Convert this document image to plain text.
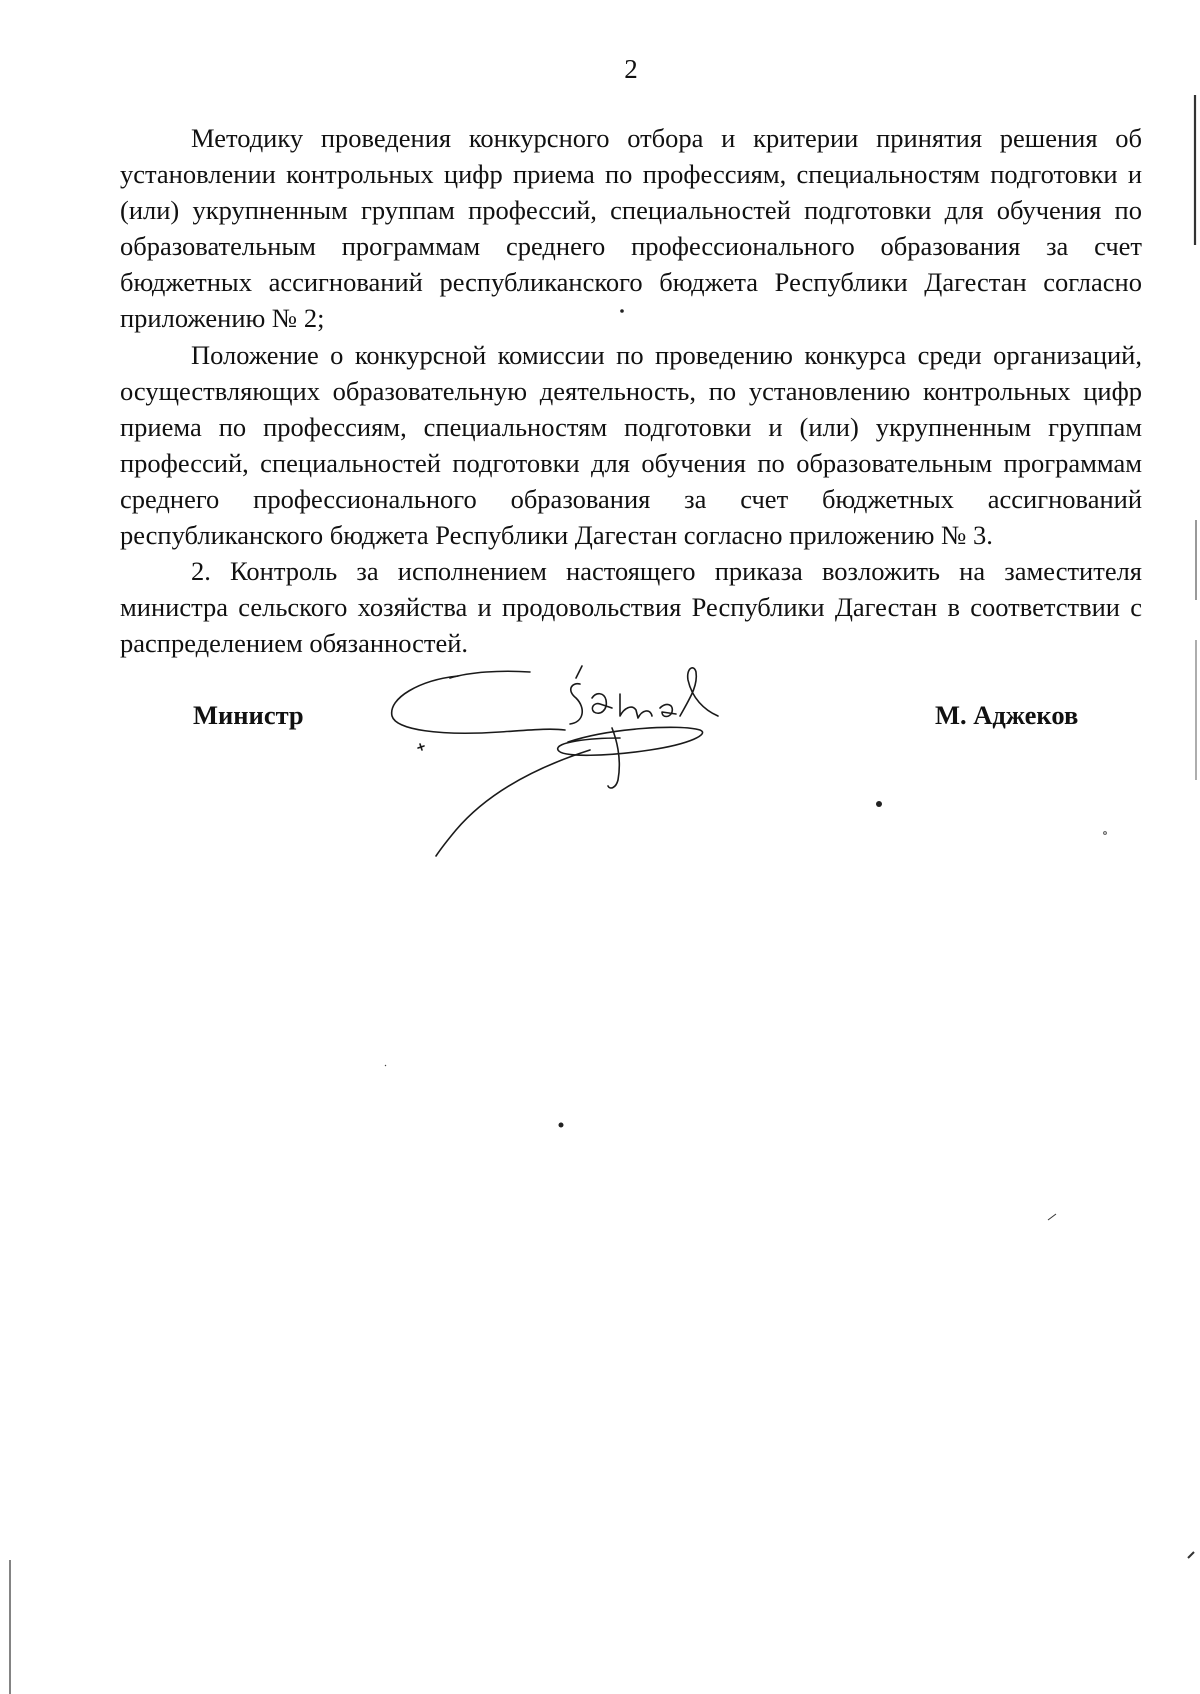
2

Методику проведения конкурсного отбора и критерии принятия решения об установлении контрольных цифр приема по профессиям, специальностям подготовки и (или) укрупненным группам профессий, специальностей подготовки для обучения по образовательным программам среднего профессионального образования за счет бюджетных ассигнований республиканского бюджета Республики Дагестан согласно приложению № 2;

Положение о конкурсной комиссии по проведению конкурса среди организаций, осуществляющих образовательную деятельность, по установлению контрольных цифр приема по профессиям, специальностям подготовки и (или) укрупненным группам профессий, специальностей подготовки для обучения по образовательным программам среднего профессионального образования за счет бюджетных ассигнований республиканского бюджета Республики Дагестан согласно приложению № 3.

2. Контроль за исполнением настоящего приказа возложить на заместителя министра сельского хозяйства и продовольствия Республики Дагестан в соответствии с распределением обязанностей.

Министр	М. Аджеков
